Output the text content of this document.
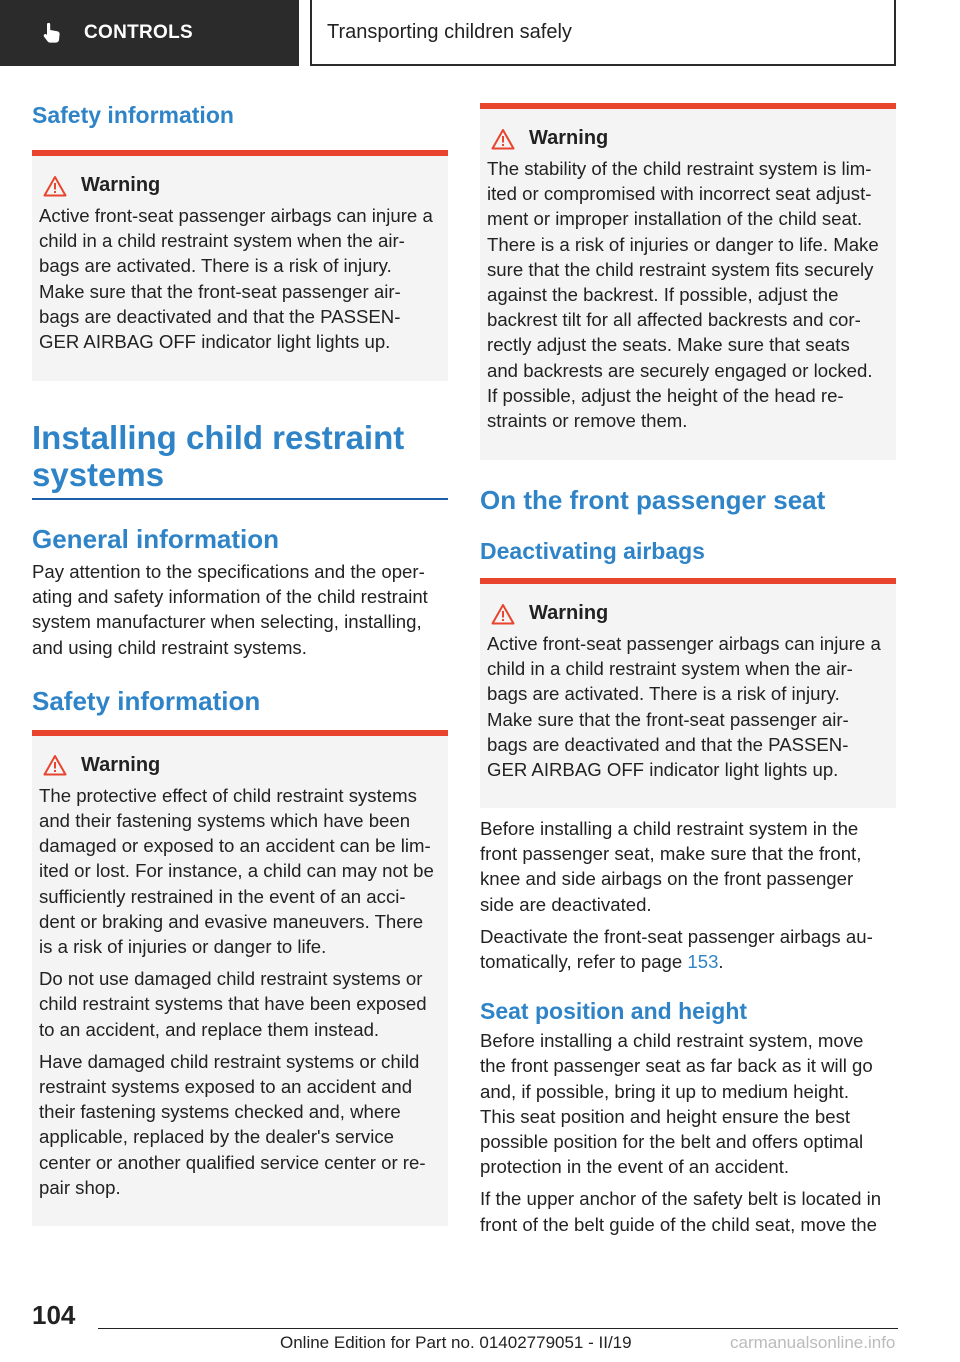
CONTROLS	Transporting children safely
Safety information
Warning
Active front-seat passenger airbags can injure a
child in a child restraint system when the air-
bags are activated. There is a risk of injury.
Make sure that the front-seat passenger air-
bags are deactivated and that the PASSEN-
GER AIRBAG OFF indicator light lights up.
Installing child restraint
systems
General information
Pay attention to the specifications and the oper-
ating and safety information of the child restraint
system manufacturer when selecting, installing,
and using child restraint systems.
Safety information
Warning
The protective effect of child restraint systems
and their fastening systems which have been
damaged or exposed to an accident can be lim-
ited or lost. For instance, a child can may not be
sufficiently restrained in the event of an acci-
dent or braking and evasive maneuvers. There
is a risk of injuries or danger to life.
Do not use damaged child restraint systems or
child restraint systems that have been exposed
to an accident, and replace them instead.
Have damaged child restraint systems or child
restraint systems exposed to an accident and
their fastening systems checked and, where
applicable, replaced by the dealer's service
center or another qualified service center or re-
pair shop.
Warning
The stability of the child restraint system is lim-
ited or compromised with incorrect seat adjust-
ment or improper installation of the child seat.
There is a risk of injuries or danger to life. Make
sure that the child restraint system fits securely
against the backrest. If possible, adjust the
backrest tilt for all affected backrests and cor-
rectly adjust the seats. Make sure that seats
and backrests are securely engaged or locked.
If possible, adjust the height of the head re-
straints or remove them.
On the front passenger seat
Deactivating airbags
Warning
Active front-seat passenger airbags can injure a
child in a child restraint system when the air-
bags are activated. There is a risk of injury.
Make sure that the front-seat passenger air-
bags are deactivated and that the PASSEN-
GER AIRBAG OFF indicator light lights up.
Before installing a child restraint system in the
front passenger seat, make sure that the front,
knee and side airbags on the front passenger
side are deactivated.
Deactivate the front-seat passenger airbags au-
tomatically, refer to page 153.
Seat position and height
Before installing a child restraint system, move
the front passenger seat as far back as it will go
and, if possible, bring it up to medium height.
This seat position and height ensure the best
possible position for the belt and offers optimal
protection in the event of an accident.
If the upper anchor of the safety belt is located in
front of the belt guide of the child seat, move the
104
Online Edition for Part no. 01402779051 - II/19	carmanualsonline.info
